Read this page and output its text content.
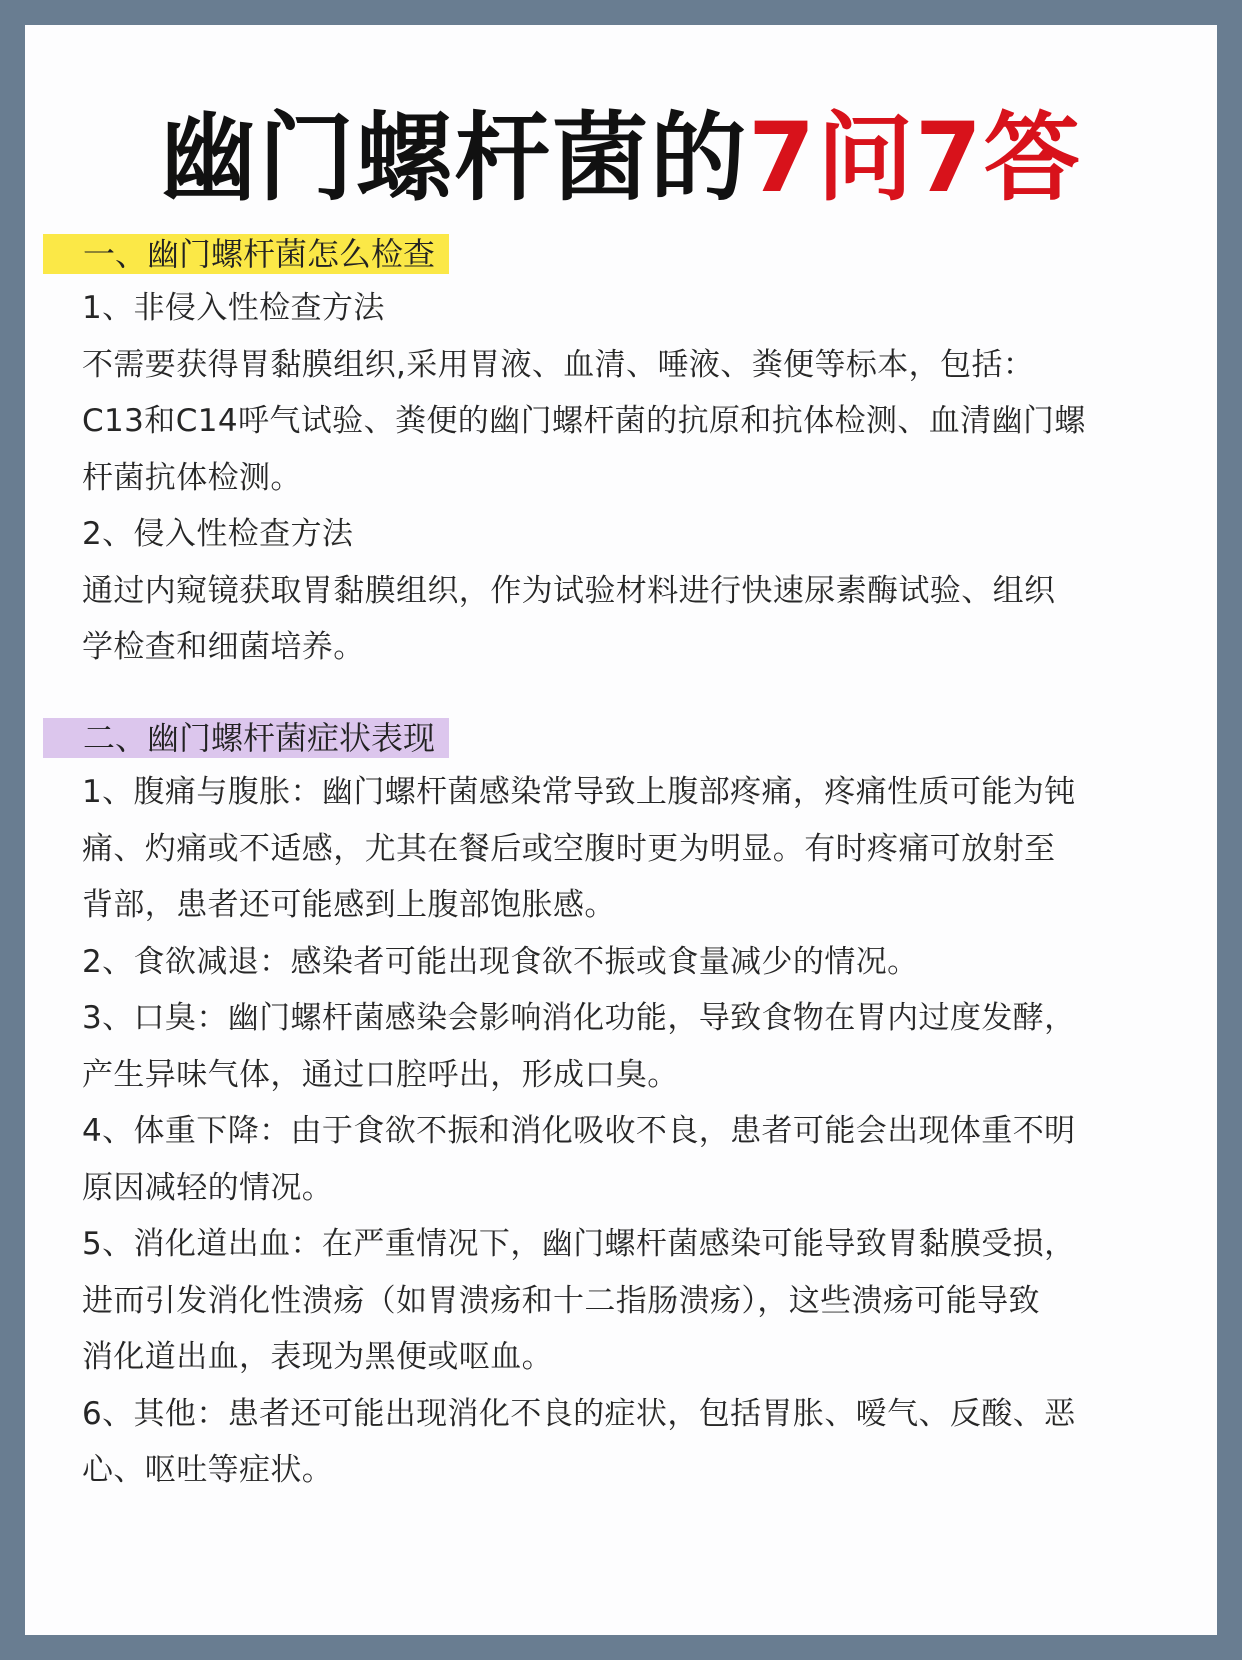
幽门螺杆菌的7问7答
一、幽门螺杆菌怎么检查
1、非侵入性检查方法
不需要获得胃黏膜组织,采用胃液、血清、唾液、粪便等标本，包括：
C13和C14呼气试验、粪便的幽门螺杆菌的抗原和抗体检测、血清幽门螺
杆菌抗体检测。
2、侵入性检查方法
通过内窥镜获取胃黏膜组织，作为试验材料进行快速尿素酶试验、组织
学检查和细菌培养。
二、幽门螺杆菌症状表现
1、腹痛与腹胀：幽门螺杆菌感染常导致上腹部疼痛，疼痛性质可能为钝
痛、灼痛或不适感，尤其在餐后或空腹时更为明显。有时疼痛可放射至
背部，患者还可能感到上腹部饱胀感。
2、食欲减退：感染者可能出现食欲不振或食量减少的情况。
3、口臭：幽门螺杆菌感染会影响消化功能，导致食物在胃内过度发酵，
产生异味气体，通过口腔呼出，形成口臭。
4、体重下降：由于食欲不振和消化吸收不良，患者可能会出现体重不明
原因减轻的情况。
5、消化道出血：在严重情况下，幽门螺杆菌感染可能导致胃黏膜受损，
进而引发消化性溃疡（如胃溃疡和十二指肠溃疡），这些溃疡可能导致
消化道出血，表现为黑便或呕血。
6、其他：患者还可能出现消化不良的症状，包括胃胀、嗳气、反酸、恶
心、呕吐等症状。
